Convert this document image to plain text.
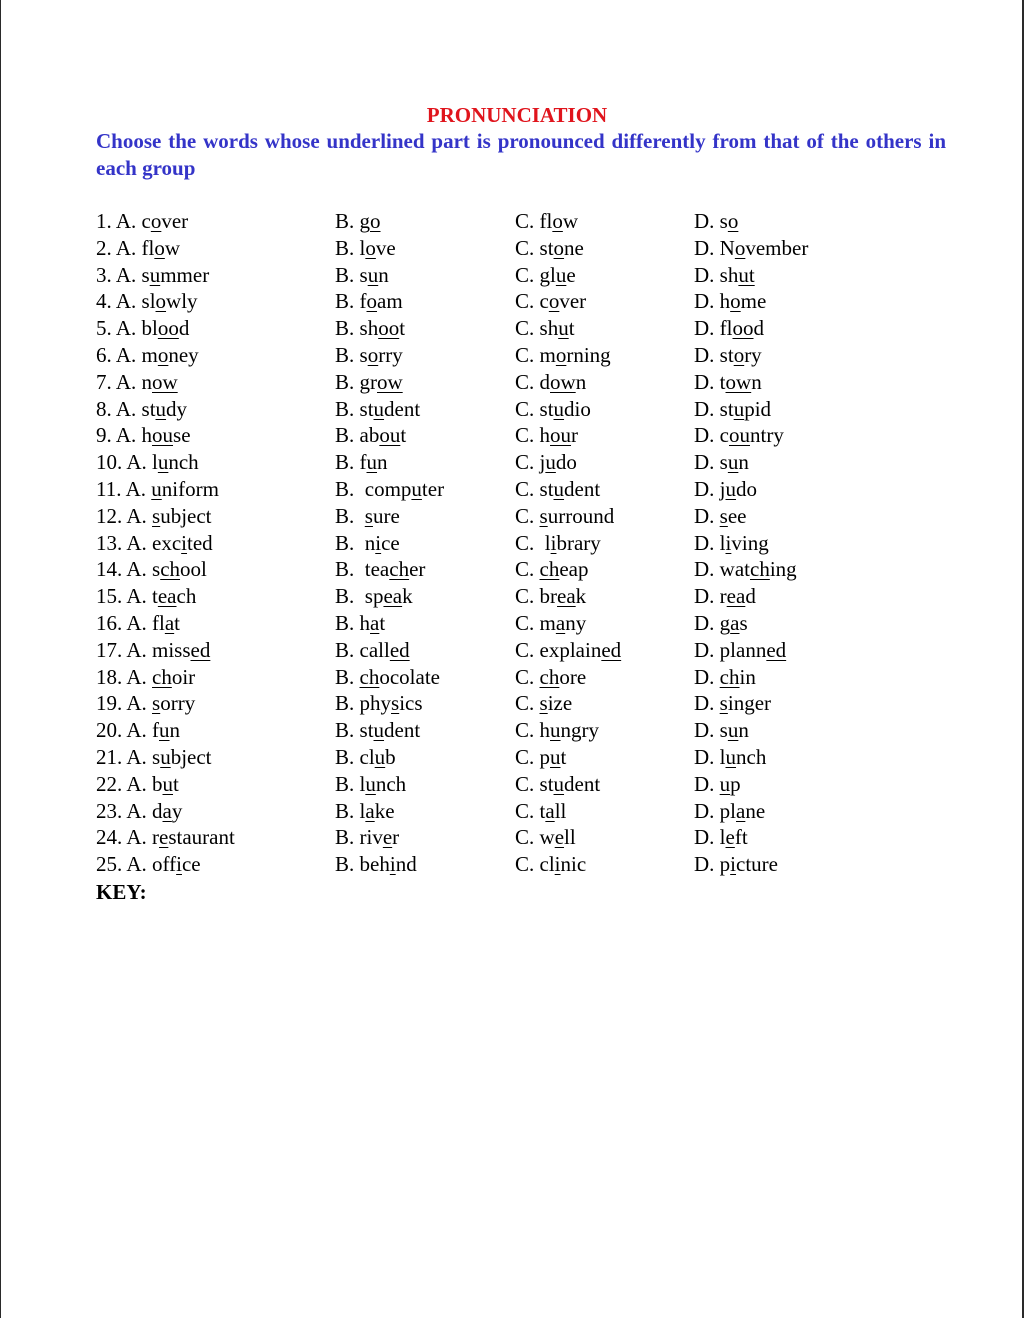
PRONUNCIATION

Choose the words whose underlined part is pronounced differently from that of the others in each group

1. A. cover	B. go	C. flow	D. so
2. A. flow	B. love	C. stone	D. November
3. A. summer	B. sun	C. glue	D. shut
4. A. slowly	B. foam	C. cover	D. home
5. A. blood	B. shoot	C. shut	D. flood
6. A. money	B. sorry	C. morning	D. story
7. A. now	B. grow	C. down	D. town
8. A. study	B. student	C. studio	D. stupid
9. A. house	B. about	C. hour	D. country
10. A. lunch	B. fun	C. judo	D. sun
11. A. uniform	B.  computer	C. student	D. judo
12. A. subject	B.  sure	C. surround	D. see
13. A. excited	B.  nice	C.  library	D. living
14. A. school	B.  teacher	C. cheap	D. watching
15. A. teach	B.  speak	C. break	D. read
16. A. flat	B. hat	C. many	D. gas
17. A. missed	B. called	C. explained	D. planned
18. A. choir	B. chocolate	C. chore	D. chin
19. A. sorry	B. physics	C. size	D. singer
20. A. fun	B. student	C. hungry	D. sun
21. A. subject	B. club	C. put	D. lunch
22. A. but	B. lunch	C. student	D. up
23. A. day	B. lake	C. tall	D. plane
24. A. restaurant	B. river	C. well	D. left
25. A. office	B. behind	C. clinic	D. picture

KEY:
